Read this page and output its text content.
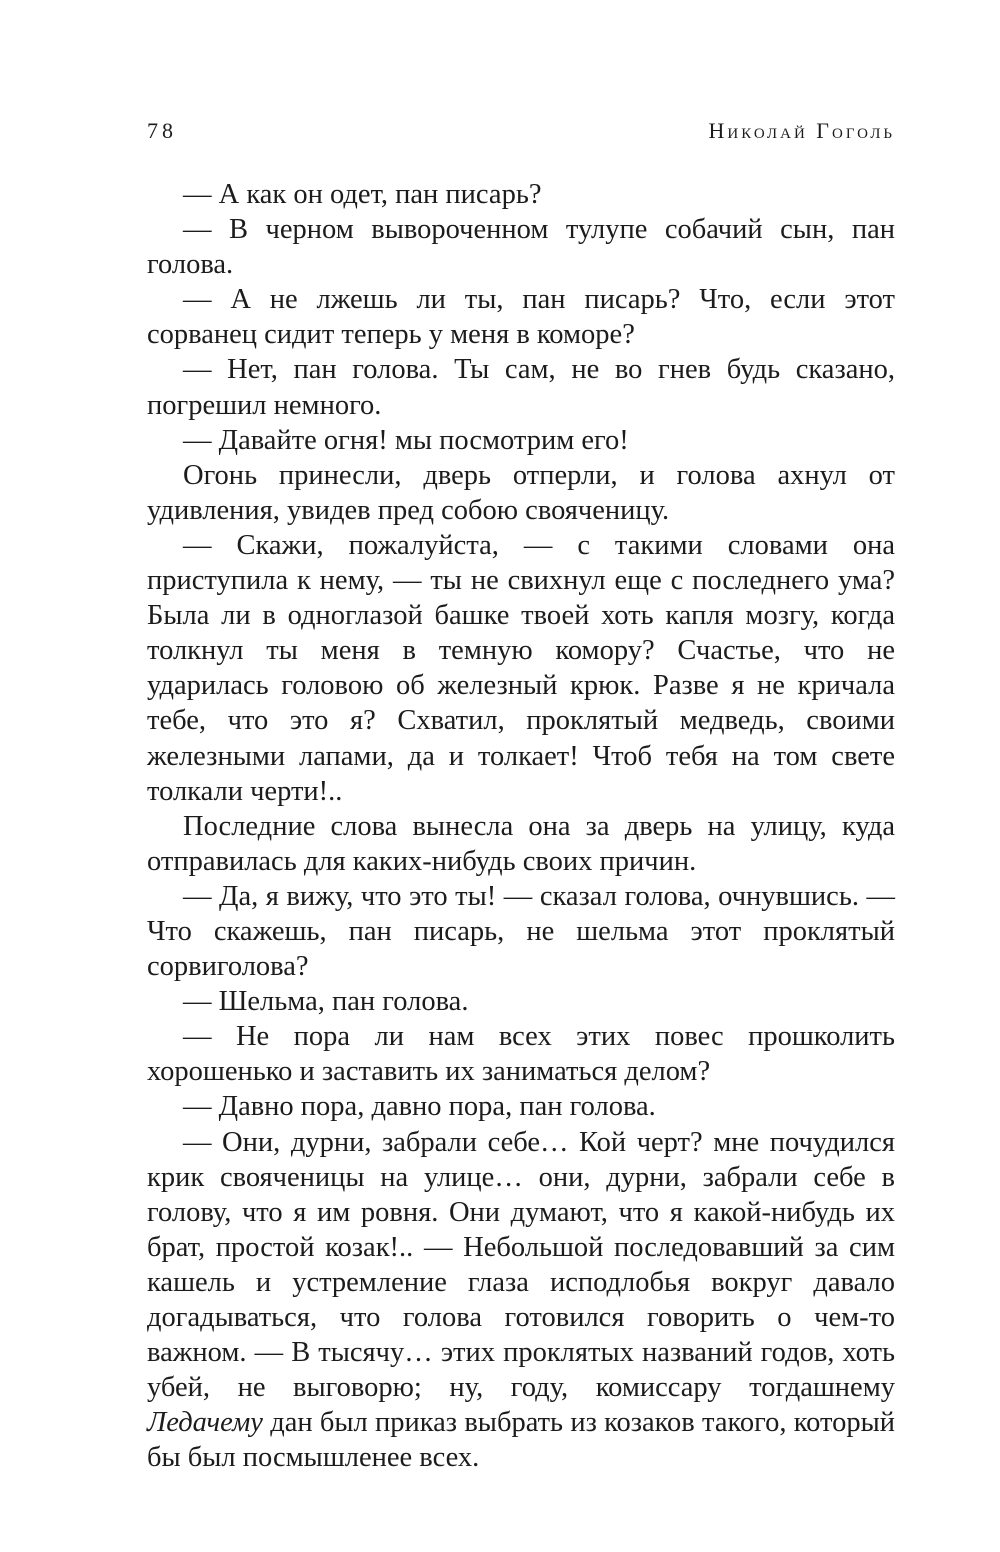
78	Николай Гоголь

— А как он одет, пан писарь?

— В черном вывороченном тулупе собачий сын, пан голова.

— А не лжешь ли ты, пан писарь? Что, если этот сорванец сидит теперь у меня в коморе?

— Нет, пан голова. Ты сам, не во гнев будь сказано, погрешил немного.

— Давайте огня! мы посмотрим его!

Огонь принесли, дверь отперли, и голова ахнул от удивления, увидев пред собою свояченицу.

— Скажи, пожалуйста, — с такими словами она приступила к нему, — ты не свихнул еще с последнего ума? Была ли в одноглазой башке твоей хоть капля мозгу, когда толкнул ты меня в темную комору? Счастье, что не ударилась головою об железный крюк. Разве я не кричала тебе, что это я? Схватил, проклятый медведь, своими железными лапами, да и толкает! Чтоб тебя на том свете толкали черти!..

Последние слова вынесла она за дверь на улицу, куда отправилась для каких-нибудь своих причин.

— Да, я вижу, что это ты! — сказал голова, очнувшись. — Что скажешь, пан писарь, не шельма этот проклятый сорвиголова?

— Шельма, пан голова.

— Не пора ли нам всех этих повес прошколить хорошенько и заставить их заниматься делом?

— Давно пора, давно пора, пан голова.

— Они, дурни, забрали себе… Кой черт? мне почудился крик свояченицы на улице… они, дурни, забрали себе в голову, что я им ровня. Они думают, что я какой-нибудь их брат, простой козак!.. — Небольшой последовавший за сим кашель и устремление глаза исподлобья вокруг давало догадываться, что голова готовился говорить о чем-то важном. — В тысячу… этих проклятых названий годов, хоть убей, не выговорю; ну, году, комиссару тогдашнему Ледачему дан был приказ выбрать из козаков такого, который бы был посмышленее всех.
